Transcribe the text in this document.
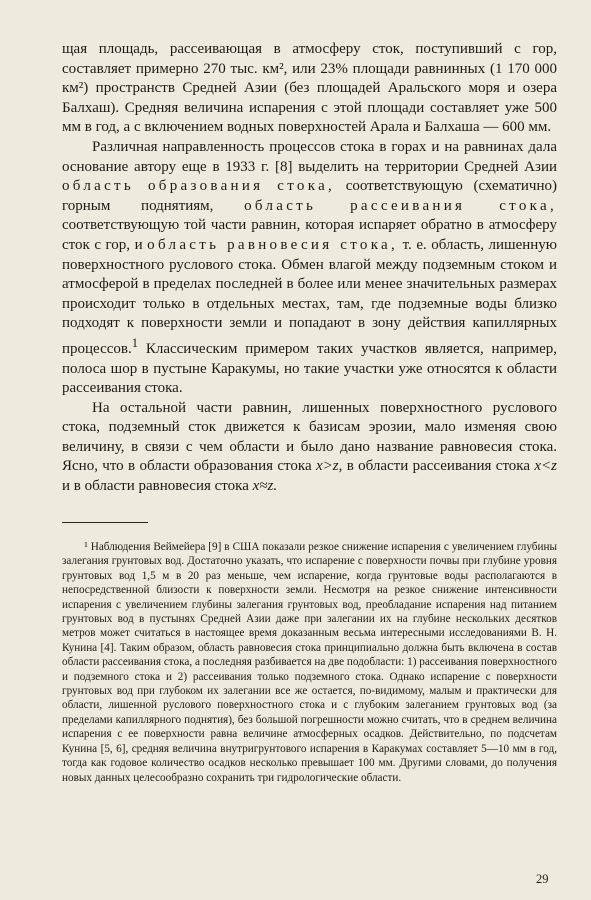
щая площадь, рассеивающая в атмосферу сток, поступивший с гор, составляет примерно 270 тыс. км², или 23% площади равнинных (1 170 000 км²) пространств Средней Азии (без площадей Аральского моря и озера Балхаш). Средняя величина испарения с этой площади составляет уже 500 мм в год, а с включением водных поверхностей Арала и Балхаша — 600 мм.

Различная направленность процессов стока в горах и на равнинах дала основание автору еще в 1933 г. [8] выделить на территории Средней Азии область образования стока, соответствующую (схематично) горным поднятиям, область рассеивания стока, соответствующую той части равнин, которая испаряет обратно в атмосферу сток с гор, и область равновесия стока, т. е. область, лишенную поверхностного руслового стока. Обмен влагой между подземным стоком и атмосферой в пределах последней в более или менее значительных размерах происходит только в отдельных местах, там, где подземные воды близко подходят к поверхности земли и попадают в зону действия капиллярных процессов.$^1$ Классическим примером таких участков является, например, полоса шор в пустыне Каракумы, но такие участки уже относятся к области рассеивания стока.

На остальной части равнин, лишенных поверхностного руслового стока, подземный сток движется к базисам эрозии, мало изменяя свою величину, в связи с чем области и было дано название равновесия стока. Ясно, что в области образования стока x>z, в области рассеивания стока x<z и в области равновесия стока x≈z.

¹ Наблюдения Веймейера [9] в США показали резкое снижение испарения с увеличением глубины залегания грунтовых вод. Достаточно указать, что испарение с поверхности почвы при глубине уровня грунтовых вод 1,5 м в 20 раз меньше, чем испарение, когда грунтовые воды располагаются в непосредственной близости к поверхности земли. Несмотря на резкое снижение интенсивности испарения с увеличением глубины залегания грунтовых вод, преобладание испарения над питанием грунтовых вод в пустынях Средней Азии даже при залегании их на глубине нескольких десятков метров может считаться в настоящее время доказанным весьма интересными исследованиями В. Н. Кунина [4]. Таким образом, область равновесия стока принципиально должна быть включена в состав области рассеивания стока, а последняя разбивается на две подобласти: 1) рассеивания поверхностного и подземного стока и 2) рассеивания только подземного стока. Однако испарение с поверхности грунтовых вод при глубоком их залегании все же остается, по-видимому, малым и практически для области, лишенной руслового поверхностного стока и с глубоким залеганием грунтовых вод (за пределами капиллярного поднятия), без большой погрешности можно считать, что в среднем величина испарения с ее поверхности равна величине атмосферных осадков. Действительно, по подсчетам Кунина [5, 6], средняя величина внутригрунтового испарения в Каракумах составляет 5—10 мм в год, тогда как годовое количество осадков несколько превышает 100 мм. Другими словами, до получения новых данных целесообразно сохранить три гидрологические области.

29
